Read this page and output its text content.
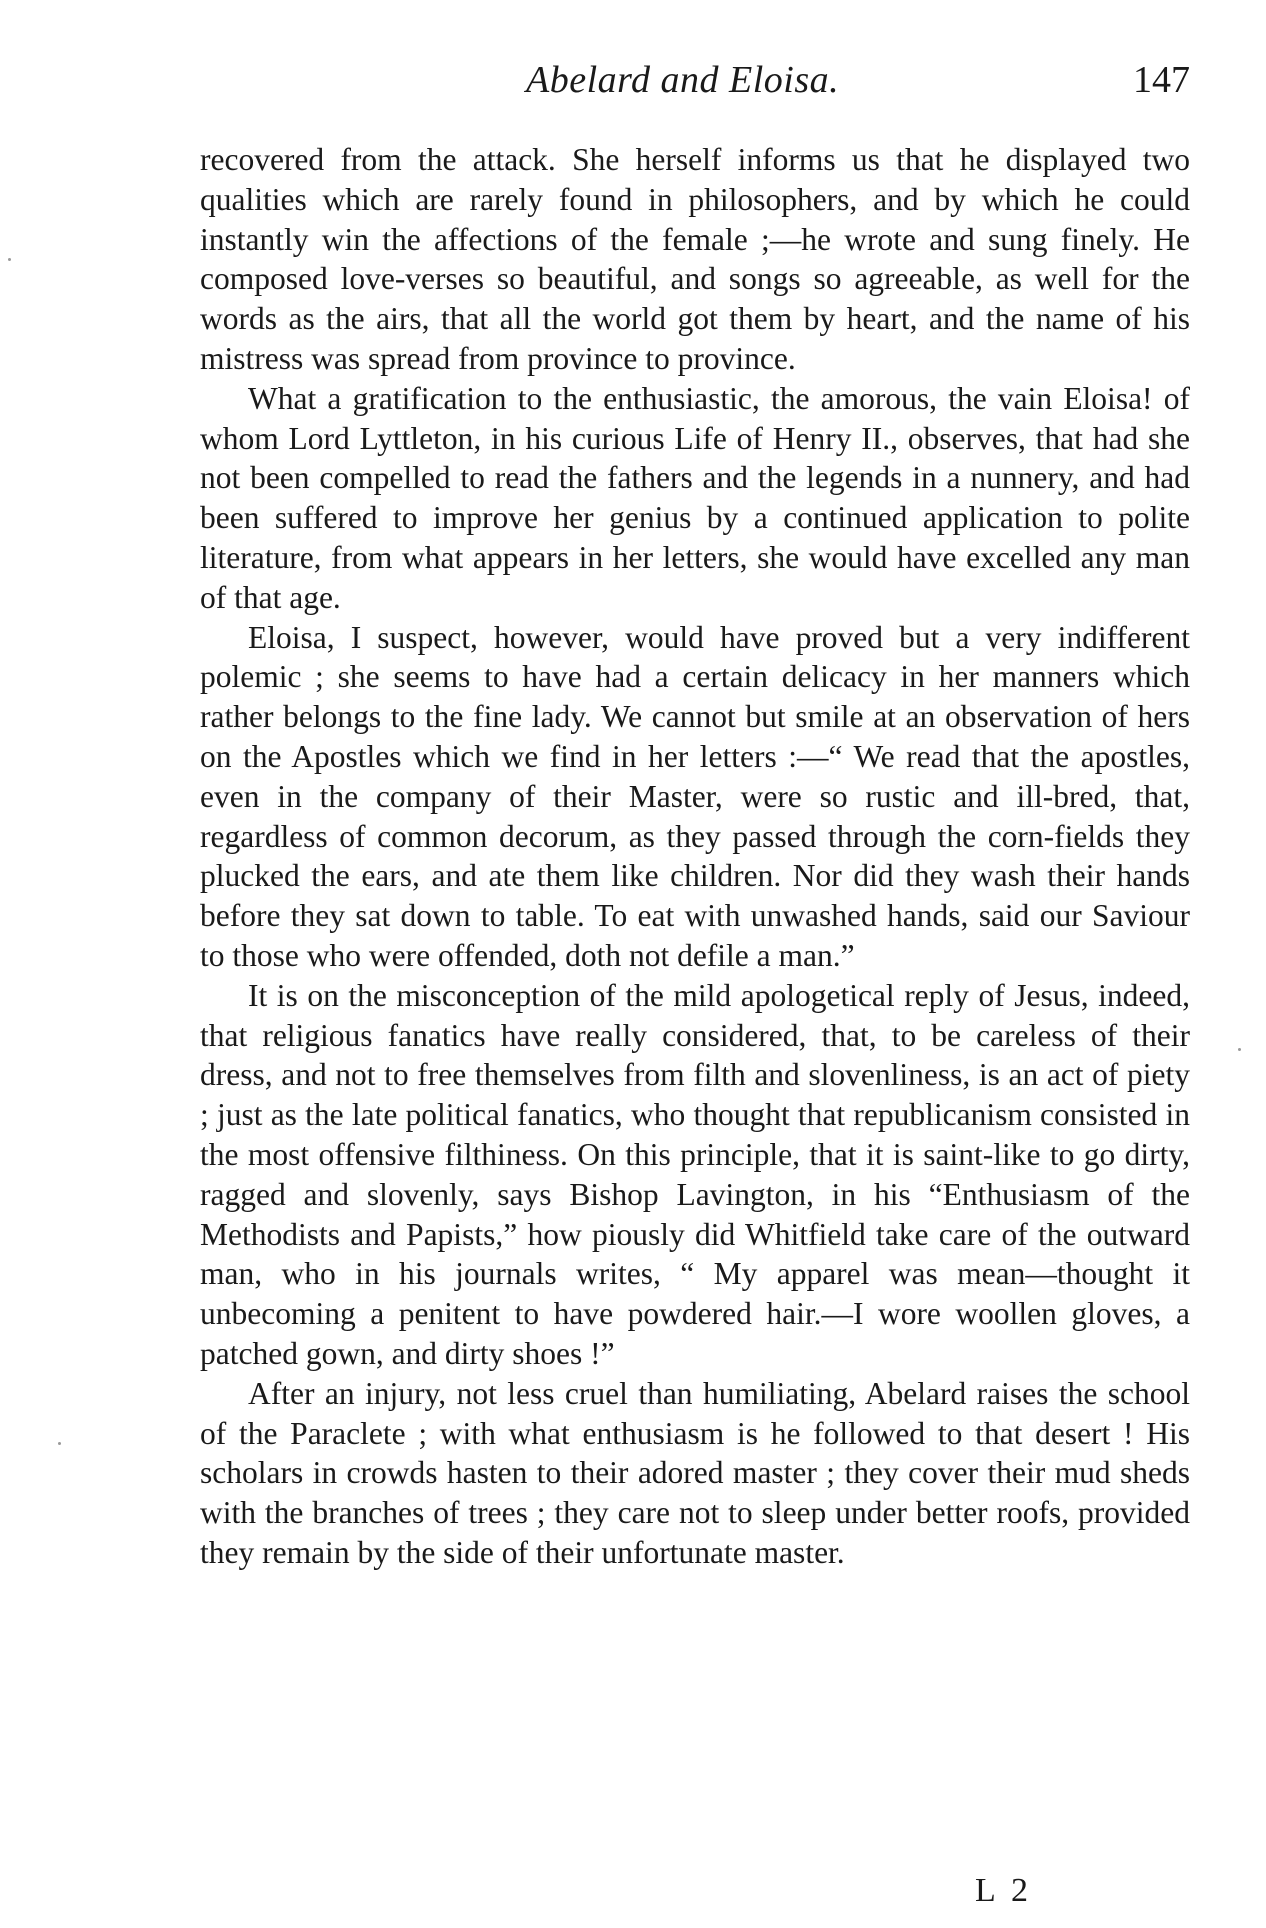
Abelard and Eloisa.	147

recovered from the attack. She herself informs us that he displayed two qualities which are rarely found in philosophers, and by which he could instantly win the affections of the female ;—he wrote and sung finely. He composed love-verses so beautiful, and songs so agreeable, as well for the words as the airs, that all the world got them by heart, and the name of his mistress was spread from province to province.

What a gratification to the enthusiastic, the amorous, the vain Eloisa! of whom Lord Lyttleton, in his curious Life of Henry II., observes, that had she not been compelled to read the fathers and the legends in a nunnery, and had been suffered to improve her genius by a continued application to polite literature, from what appears in her letters, she would have excelled any man of that age.

Eloisa, I suspect, however, would have proved but a very indifferent polemic ; she seems to have had a certain delicacy in her manners which rather belongs to the fine lady. We cannot but smile at an observation of hers on the Apostles which we find in her letters :—“ We read that the apostles, even in the company of their Master, were so rustic and ill-bred, that, regardless of common decorum, as they passed through the corn-fields they plucked the ears, and ate them like children. Nor did they wash their hands before they sat down to table. To eat with unwashed hands, said our Saviour to those who were offended, doth not defile a man.”

It is on the misconception of the mild apologetical reply of Jesus, indeed, that religious fanatics have really considered, that, to be careless of their dress, and not to free themselves from filth and slovenliness, is an act of piety ; just as the late political fanatics, who thought that republicanism consisted in the most offensive filthiness. On this principle, that it is saint-like to go dirty, ragged and slovenly, says Bishop Lavington, in his “Enthusiasm of the Methodists and Papists,” how piously did Whitfield take care of the outward man, who in his journals writes, “ My apparel was mean—thought it unbecoming a penitent to have powdered hair.—I wore woollen gloves, a patched gown, and dirty shoes !”

After an injury, not less cruel than humiliating, Abelard raises the school of the Paraclete ; with what enthusiasm is he followed to that desert ! His scholars in crowds hasten to their adored master ; they cover their mud sheds with the branches of trees ; they care not to sleep under better roofs, provided they remain by the side of their unfortunate master.

L 2
